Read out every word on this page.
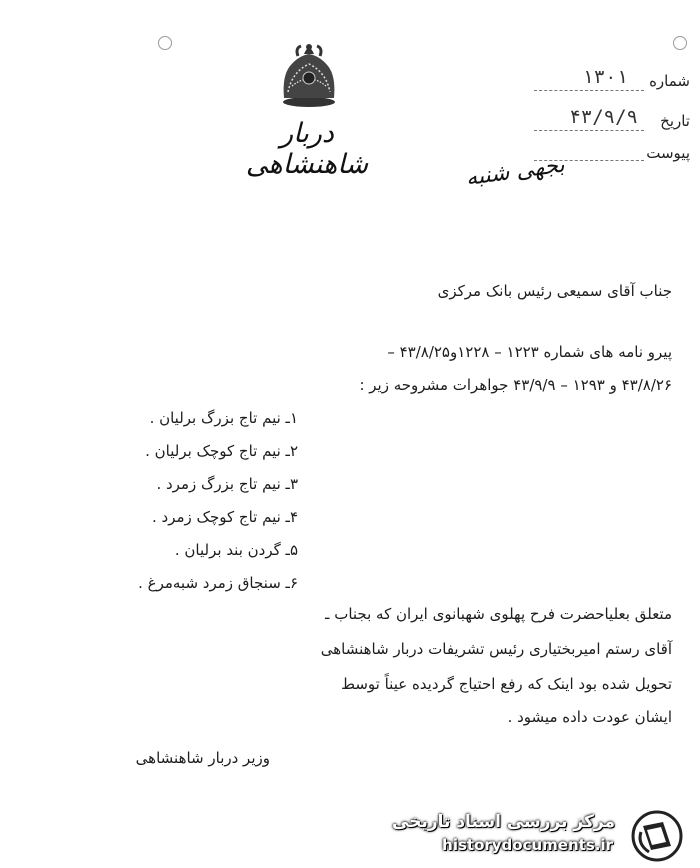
دربار شاهنشاهی
شماره
۱۳۰۱
تاریخ
۴۳/۹/۹
پیوست
بجهی شنبه
جناب آقای سمیعی رئیس بانک مرکزی
پیرو نامه های شماره ۱۲۲۳ – ۱۲۲۸و۴۳/۸/۲۵ –
۴۳/۸/۲۶ و ۱۲۹۳ – ۴۳/۹/۹ جواهرات مشروحه زیر :
۱ـ نیم تاج بزرگ برلیان .
۲ـ نیم تاج کوچک برلیان .
۳ـ نیم تاج بزرگ زمرد .
۴ـ نیم تاج کوچک زمرد .
۵ـ گردن بند برلیان .
۶ـ سنجاق زمرد شبه‌مرغ .
متعلق بعلیاحضرت فرح پهلوی شهبانوی ایران که بجناب ـ
آقای رستم امیربختیاری رئیس تشریفات دربار شاهنشاهی
تحویل شده بود اینک که رفع احتیاج گردیده عیناً توسط
ایشان عودت داده میشود .
وزیر دربار شاهنشاهی
مرکز بررسی اسناد تاریخی
historydocuments.ir
